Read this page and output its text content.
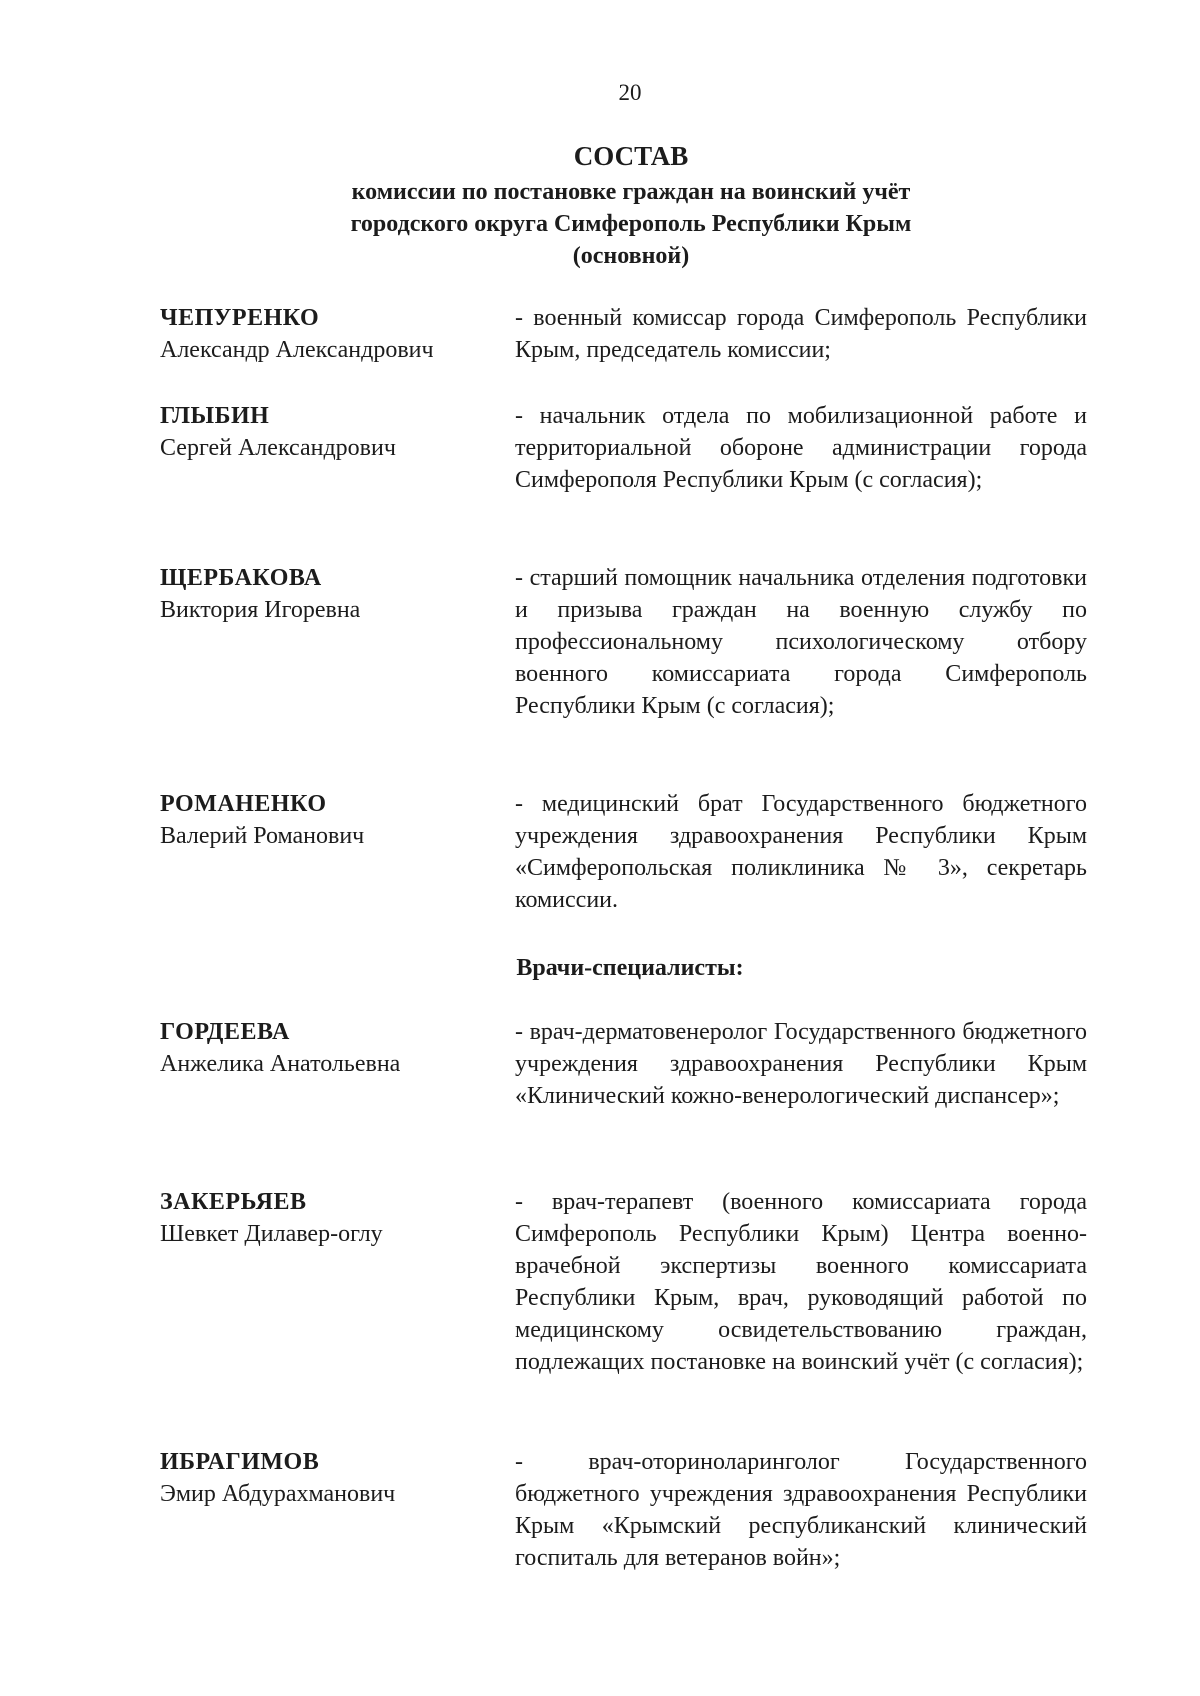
20
СОСТАВ
комиссии по постановке граждан на воинский учёт
городского округа Симферополь Республики Крым
(основной)
ЧЕПУРЕНКО
Александр Александрович
- военный комиссар города Симферополь Республики Крым, председатель комиссии;
ГЛЫБИН
Сергей Александрович
- начальник отдела по мобилизационной работе и территориальной обороне администрации города Симферополя Республики Крым (с согласия);
ЩЕРБАКОВА
Виктория Игоревна
- старший помощник начальника отделения подготовки и призыва граждан на военную службу по профессиональному психологическому отбору военного комиссариата города Симферополь Республики Крым (с согласия);
РОМАНЕНКО
Валерий Романович
- медицинский брат Государственного бюджетного учреждения здравоохранения Республики Крым «Симферопольская поликлиника № 3», секретарь комиссии.
Врачи-специалисты:
ГОРДЕЕВА
Анжелика Анатольевна
- врач-дерматовенеролог Государственного бюджетного учреждения здравоохранения Республики Крым «Клинический кожно-венерологический диспансер»;
ЗАКЕРЬЯЕВ
Шевкет Дилавер-оглу
- врач-терапевт (военного комиссариата города Симферополь Республики Крым) Центра военно-врачебной экспертизы военного комиссариата Республики Крым, врач, руководящий работой по медицинскому освидетельствованию граждан, подлежащих постановке на воинский учёт (с согласия);
ИБРАГИМОВ
Эмир Абдурахманович
- врач-оториноларинголог Государственного бюджетного учреждения здравоохранения Республики Крым «Крымский республиканский клинический госпиталь для ветеранов войн»;
